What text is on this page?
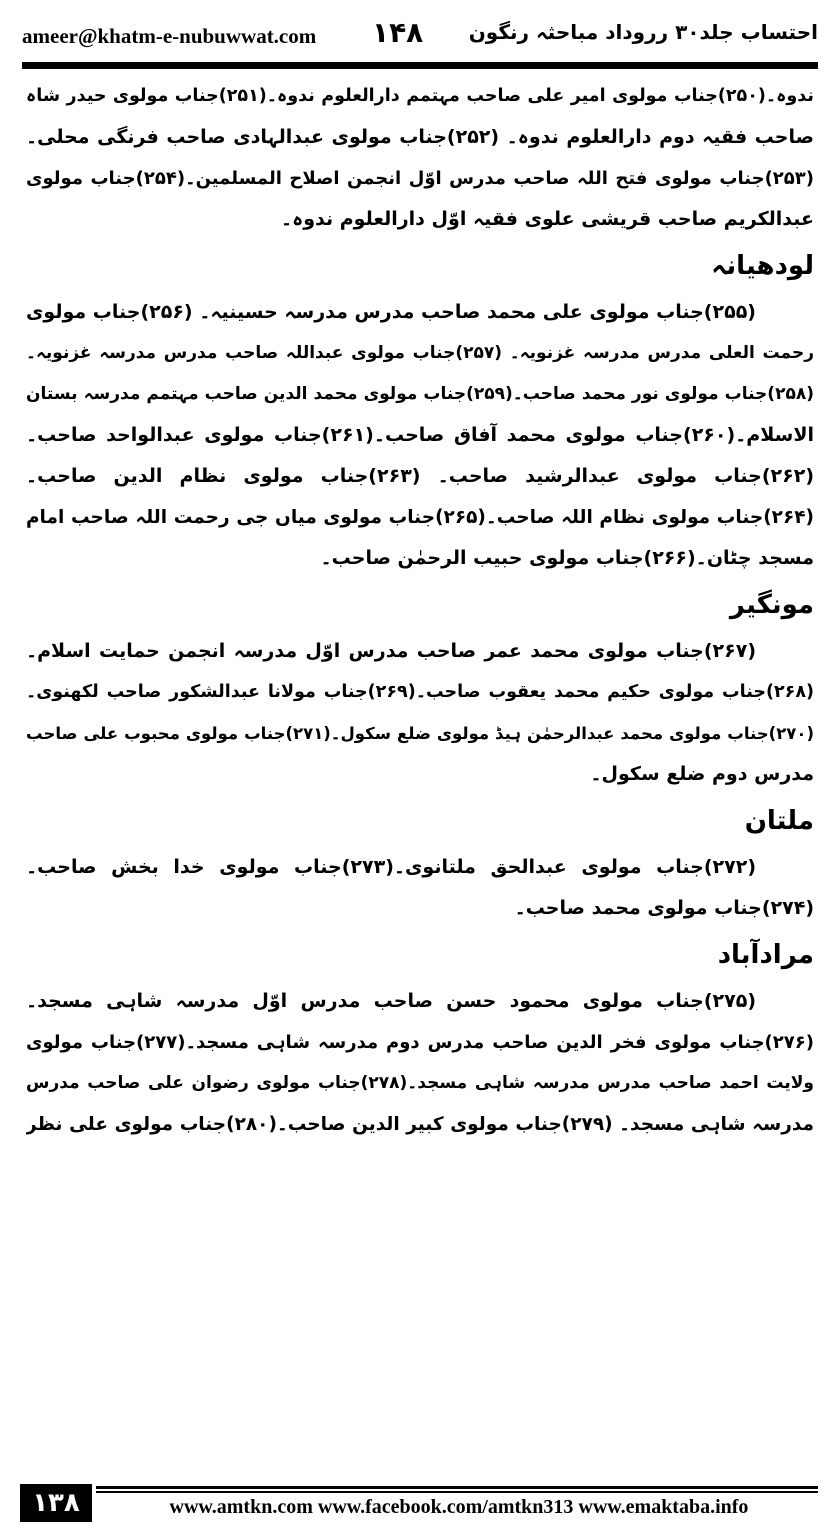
ameer@khatm-e-nubuwwat.com ۱۴۸ احتساب جلد۳۰ رروداد مباحثہ رنگون
ندوہ۔(۲۵۰)جناب مولوی امیر علی صاحب مہتمم دارالعلوم ندوہ۔(۲۵۱)جناب مولوی حیدر شاہ
صاحب فقیہ دوم دارالعلوم ندوہ۔ (۲۵۲)جناب مولوی عبدالہادی صاحب فرنگی محلی۔
(۲۵۳)جناب مولوی فتح اللہ صاحب مدرس اوّل انجمن اصلاح المسلمین۔(۲۵۴)جناب مولوی
عبدالکریم صاحب قریشی علوی فقیہ اوّل دارالعلوم ندوہ۔
لودھیانہ
(۲۵۵)جناب مولوی علی محمد صاحب مدرس مدرسہ حسینیہ۔ (۲۵۶)جناب مولوی
رحمت العلی مدرس مدرسہ غزنویہ۔ (۲۵۷)جناب مولوی عبداللہ صاحب مدرس مدرسہ غزنویہ۔
(۲۵۸)جناب مولوی نور محمد صاحب۔(۲۵۹)جناب مولوی محمد الدین صاحب مہتمم مدرسہ بستان
الاسلام۔(۲۶۰)جناب مولوی محمد آفاق صاحب۔(۲۶۱)جناب مولوی عبدالواحد صاحب۔
(۲۶۲)جناب مولوی عبدالرشید صاحب۔ (۲۶۳)جناب مولوی نظام الدین صاحب۔
(۲۶۴)جناب مولوی نظام اللہ صاحب۔(۲۶۵)جناب مولوی میاں جی رحمت اللہ صاحب امام
مسجد چٹان۔(۲۶۶)جناب مولوی حبیب الرحمٰن صاحب۔
مونگیر
(۲۶۷)جناب مولوی محمد عمر صاحب مدرس اوّل مدرسہ انجمن حمایت اسلام۔
(۲۶۸)جناب مولوی حکیم محمد یعقوب صاحب۔(۲۶۹)جناب مولانا عبدالشکور صاحب لکھنوی۔
(۲۷۰)جناب مولوی محمد عبدالرحمٰن ہیڈ مولوی ضلع سکول۔(۲۷۱)جناب مولوی محبوب علی صاحب
مدرس دوم ضلع سکول۔
ملتان
(۲۷۲)جناب مولوی عبدالحق ملتانوی۔(۲۷۳)جناب مولوی خدا بخش صاحب۔
(۲۷۴)جناب مولوی محمد صاحب۔
مرادآباد
(۲۷۵)جناب مولوی محمود حسن صاحب مدرس اوّل مدرسہ شاہی مسجد۔
(۲۷۶)جناب مولوی فخر الدین صاحب مدرس دوم مدرسہ شاہی مسجد۔(۲۷۷)جناب مولوی
ولایت احمد صاحب مدرس مدرسہ شاہی مسجد۔(۲۷۸)جناب مولوی رضوان علی صاحب مدرس
مدرسہ شاہی مسجد۔ (۲۷۹)جناب مولوی کبیر الدین صاحب۔(۲۸۰)جناب مولوی علی نظر
۱۳۸	www.amtkn.com www.facebook.com/amtkn313 www.emaktaba.info
